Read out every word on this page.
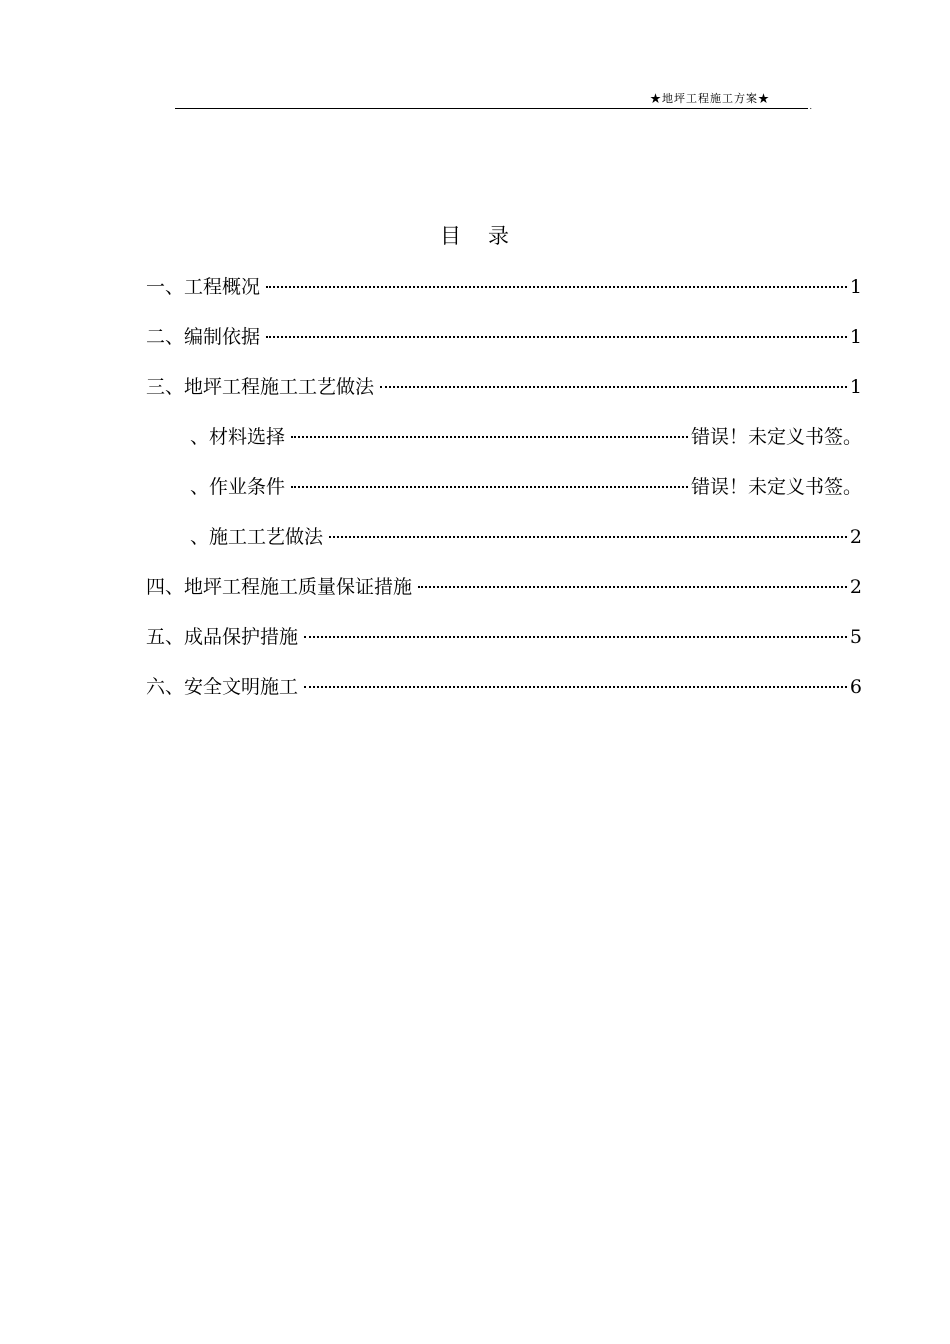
★地坪工程施工方案★
.
目 录
一、工程概况	1
二、编制依据	1
三、地坪工程施工工艺做法	1
、材料选择	错误！未定义书签。
、作业条件	错误！未定义书签。
、施工工艺做法	2
四、地坪工程施工质量保证措施	2
五、成品保护措施	5
六、安全文明施工	6
